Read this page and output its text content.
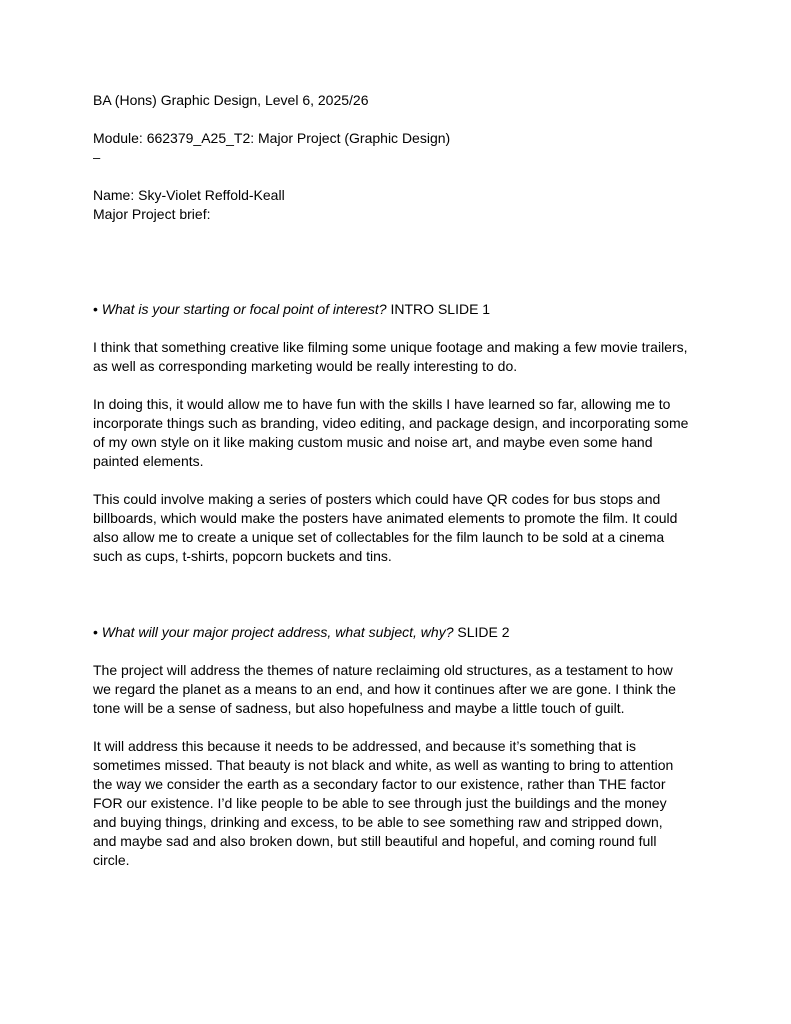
BA (Hons) Graphic Design, Level 6, 2025/26

Module: 662379_A25_T2: Major Project (Graphic Design)

–

Name: Sky-Violet Reffold-Keall

Major Project brief:

• What is your starting or focal point of interest? INTRO SLIDE 1

I think that something creative like filming some unique footage and making a few movie trailers,

as well as corresponding marketing would be really interesting to do.

In doing this, it would allow me to have fun with the skills I have learned so far, allowing me to

incorporate things such as branding, video editing, and package design, and incorporating some

of my own style on it like making custom music and noise art, and maybe even some hand

painted elements.

This could involve making a series of posters which could have QR codes for bus stops and

billboards, which would make the posters have animated elements to promote the film. It could

also allow me to create a unique set of collectables for the film launch to be sold at a cinema

such as cups, t-shirts, popcorn buckets and tins.

• What will your major project address, what subject, why? SLIDE 2

The project will address the themes of nature reclaiming old structures, as a testament to how

we regard the planet as a means to an end, and how it continues after we are gone. I think the

tone will be a sense of sadness, but also hopefulness and maybe a little touch of guilt.

It will address this because it needs to be addressed, and because it’s something that is

sometimes missed. That beauty is not black and white, as well as wanting to bring to attention

the way we consider the earth as a secondary factor to our existence, rather than THE factor

FOR our existence. I’d like people to be able to see through just the buildings and the money

and buying things, drinking and excess, to be able to see something raw and stripped down,

and maybe sad and also broken down, but still beautiful and hopeful, and coming round full

circle.
